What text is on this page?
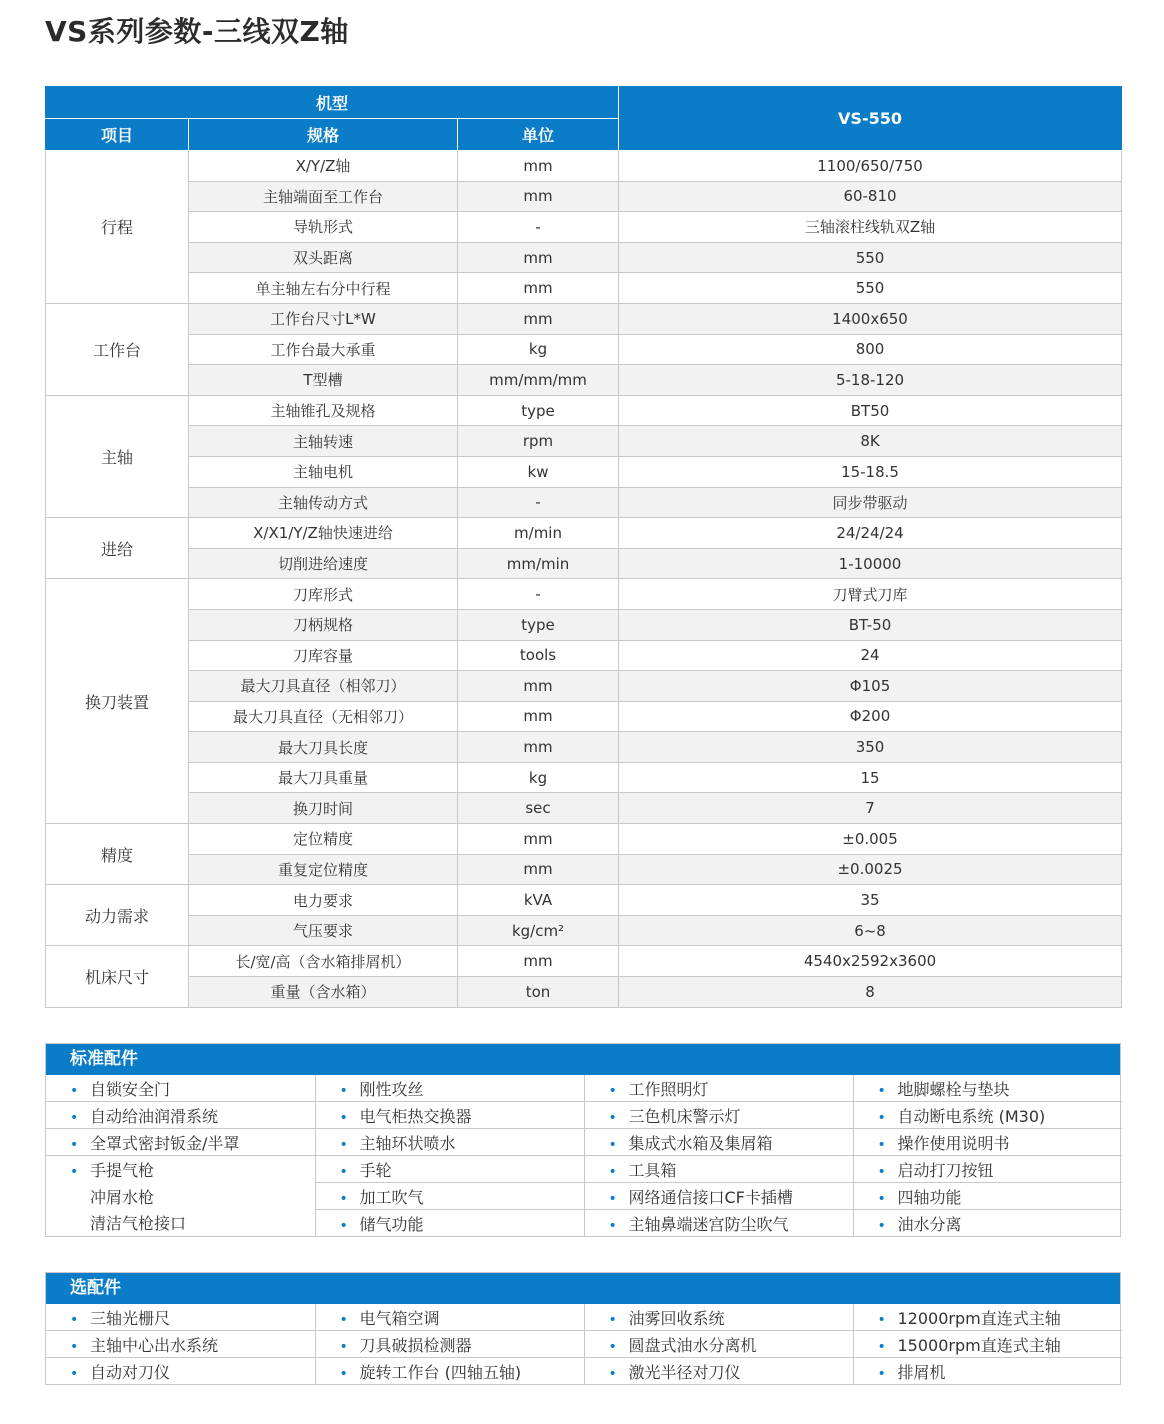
VS系列参数-三线双Z轴
机型			VS-550
项目	规格	单位	
行程	X/Y/Z轴	mm	1100/650/750
	主轴端面至工作台	mm	60-810
	导轨形式	-	三轴滚柱线轨双Z轴
	双头距离	mm	550
	单主轴左右分中行程	mm	550
工作台	工作台尺寸L*W	mm	1400x650
	工作台最大承重	kg	800
	T型槽	mm/mm/mm	5-18-120
主轴	主轴锥孔及规格	type	BT50
	主轴转速	rpm	8K
	主轴电机	kw	15-18.5
	主轴传动方式	-	同步带驱动
进给	X/X1/Y/Z轴快速进给	m/min	24/24/24
	切削进给速度	mm/min	1-10000
换刀装置	刀库形式	-	刀臂式刀库
	刀柄规格	type	BT-50
	刀库容量	tools	24
	最大刀具直径（相邻刀）	mm	Φ105
	最大刀具直径（无相邻刀）	mm	Φ200
	最大刀具长度	mm	350
	最大刀具重量	kg	15
	换刀时间	sec	7
精度	定位精度	mm	±0.005
	重复定位精度	mm	±0.0025
动力需求	电力要求	kVA	35
	气压要求	kg/cm²	6~8
机床尺寸	长/宽/高（含水箱排屑机）	mm	4540x2592x3600
	重量（含水箱）	ton	8
标准配件
• 自锁安全门	• 刚性攻丝	• 工作照明灯	• 地脚螺栓与垫块
• 自动给油润滑系统	• 电气柜热交换器	• 三色机床警示灯	• 自动断电系统 (M30)
• 全罩式密封钣金/半罩	• 主轴环状喷水	• 集成式水箱及集屑箱	• 操作使用说明书
• 手提气枪	• 手轮	• 工具箱	• 启动打刀按钮
冲屑水枪	• 加工吹气	• 网络通信接口CF卡插槽	• 四轴功能
清洁气枪接口	• 储气功能	• 主轴鼻端迷宫防尘吹气	• 油水分离
选配件
• 三轴光栅尺	• 电气箱空调	• 油雾回收系统	• 12000rpm直连式主轴
• 主轴中心出水系统	• 刀具破损检测器	• 圆盘式油水分离机	• 15000rpm直连式主轴
• 自动对刀仪	• 旋转工作台 (四轴五轴)	• 激光半径对刀仪	• 排屑机
